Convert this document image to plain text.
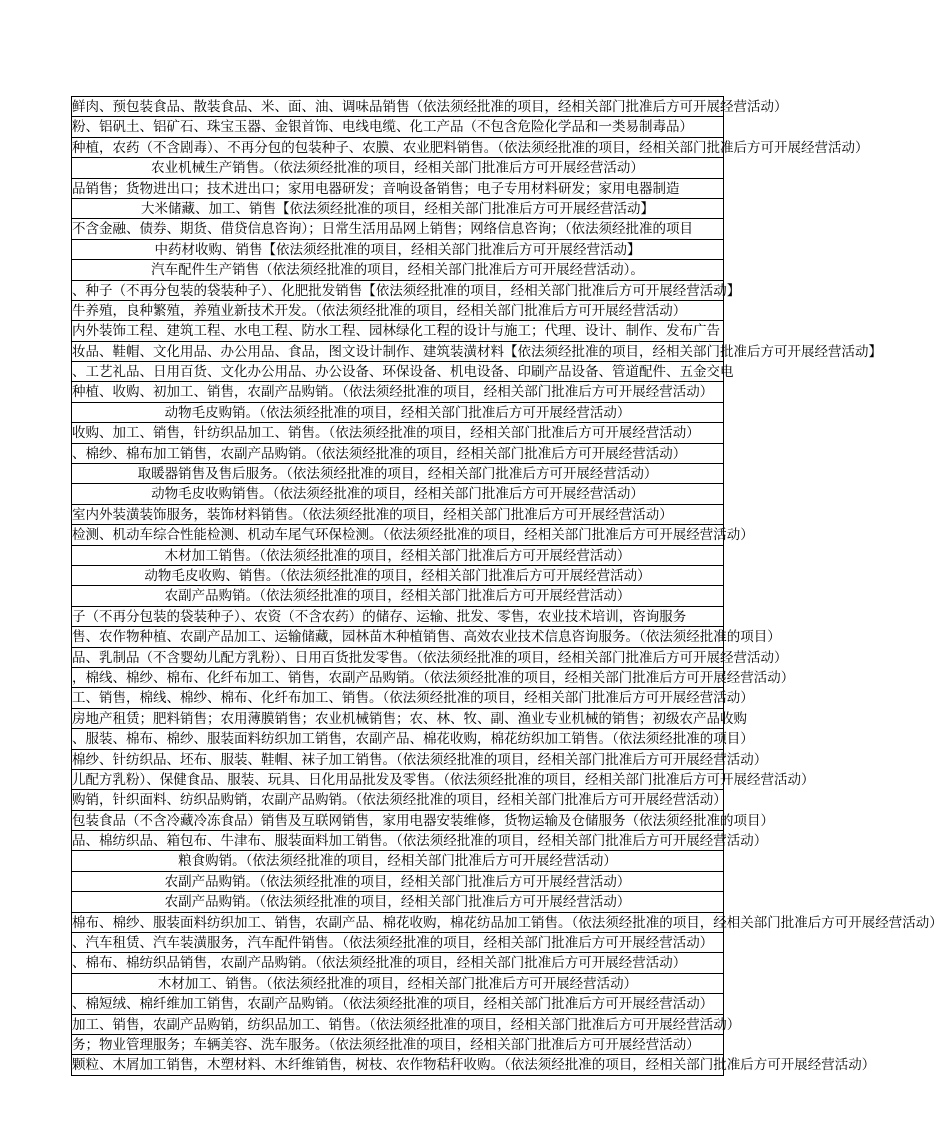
鲜肉、预包装食品、散装食品、米、面、油、调味品销售（依法须经批准的项目，经相关部门批准后方可开展经营活动）
粉、铝矾土、铝矿石、珠宝玉器、金银首饰、电线电缆、化工产品（不包含危险化学品和一类易制毒品）
种植，农药（不含剧毒）、不再分包的包装种子、农膜、农业肥料销售。（依法须经批准的项目，经相关部门批准后方可开展经营活动）
农业机械生产销售。（依法须经批准的项目，经相关部门批准后方可开展经营活动）
品销售；货物进出口；技术进出口；家用电器研发；音响设备销售；电子专用材料研发；家用电器制造
大米储藏、加工、销售【依法须经批准的项目，经相关部门批准后方可开展经营活动】
不含金融、债券、期货、借贷信息咨询）；日常生活用品网上销售；网络信息咨询；（依法须经批准的项目
中药材收购、销售【依法须经批准的项目，经相关部门批准后方可开展经营活动】
汽车配件生产销售（依法须经批准的项目，经相关部门批准后方可开展经营活动）。
、种子（不再分包装的袋装种子）、化肥批发销售【依法须经批准的项目，经相关部门批准后方可开展经营活动】
牛养殖，良种繁殖，养殖业新技术开发。（依法须经批准的项目，经相关部门批准后方可开展经营活动）
内外装饰工程、建筑工程、水电工程、防水工程、园林绿化工程的设计与施工；代理、设计、制作、发布广告
妆品、鞋帽、文化用品、办公用品、食品，图文设计制作、建筑装潢材料【依法须经批准的项目，经相关部门批准后方可开展经营活动】
、工艺礼品、日用百货、文化办公用品、办公设备、环保设备、机电设备、印刷产品设备、管道配件、五金交电
种植、收购、初加工、销售，农副产品购销。（依法须经批准的项目，经相关部门批准后方可开展经营活动）
动物毛皮购销。（依法须经批准的项目，经相关部门批准后方可开展经营活动）
收购、加工、销售，针纺织品加工、销售。（依法须经批准的项目，经相关部门批准后方可开展经营活动）
、棉纱、棉布加工销售，农副产品购销。（依法须经批准的项目，经相关部门批准后方可开展经营活动）
取暖器销售及售后服务。（依法须经批准的项目，经相关部门批准后方可开展经营活动）
动物毛皮收购销售。（依法须经批准的项目，经相关部门批准后方可开展经营活动）
室内外装潢装饰服务，装饰材料销售。（依法须经批准的项目，经相关部门批准后方可开展经营活动）
检测、机动车综合性能检测、机动车尾气环保检测。（依法须经批准的项目，经相关部门批准后方可开展经营活动）
木材加工销售。（依法须经批准的项目，经相关部门批准后方可开展经营活动）
动物毛皮收购、销售。（依法须经批准的项目，经相关部门批准后方可开展经营活动）
农副产品购销。（依法须经批准的项目，经相关部门批准后方可开展经营活动）
子（不再分包装的袋装种子）、农资（不含农药）的储存、运输、批发、零售，农业技术培训，咨询服务
售、农作物种植、农副产品加工、运输储藏，园林苗木种植销售、高效农业技术信息咨询服务。（依法须经批准的项目）
品、乳制品（不含婴幼儿配方乳粉）、日用百货批发零售。（依法须经批准的项目，经相关部门批准后方可开展经营活动）
，棉线、棉纱、棉布、化纤布加工、销售，农副产品购销。（依法须经批准的项目，经相关部门批准后方可开展经营活动）
工、销售，棉线、棉纱、棉布、化纤布加工、销售。（依法须经批准的项目，经相关部门批准后方可开展经营活动）
房地产租赁；肥料销售；农用薄膜销售；农业机械销售；农、林、牧、副、渔业专业机械的销售；初级农产品收购
、服装、棉布、棉纱、服装面料纺织加工销售，农副产品、棉花收购，棉花纺织加工销售。（依法须经批准的项目）
棉纱、针纺织品、坯布、服装、鞋帽、袜子加工销售。（依法须经批准的项目，经相关部门批准后方可开展经营活动）
儿配方乳粉）、保健食品、服装、玩具、日化用品批发及零售。（依法须经批准的项目，经相关部门批准后方可开展经营活动）
购销，针织面料、纺织品购销，农副产品购销。（依法须经批准的项目，经相关部门批准后方可开展经营活动）
包装食品（不含冷藏冷冻食品）销售及互联网销售，家用电器安装维修，货物运输及仓储服务（依法须经批准的项目）
品、棉纺织品、箱包布、牛津布、服装面料加工销售。（依法须经批准的项目，经相关部门批准后方可开展经营活动）
粮食购销。（依法须经批准的项目，经相关部门批准后方可开展经营活动）
农副产品购销。（依法须经批准的项目，经相关部门批准后方可开展经营活动）
农副产品购销。（依法须经批准的项目，经相关部门批准后方可开展经营活动）
棉布、棉纱、服装面料纺织加工、销售，农副产品、棉花收购，棉花纺品加工销售。（依法须经批准的项目，经相关部门批准后方可开展经营活动）
、汽车租赁、汽车装潢服务，汽车配件销售。（依法须经批准的项目，经相关部门批准后方可开展经营活动）
、棉布、棉纺织品销售，农副产品购销。（依法须经批准的项目，经相关部门批准后方可开展经营活动）
木材加工、销售。（依法须经批准的项目，经相关部门批准后方可开展经营活动）
、棉短绒、棉纤维加工销售，农副产品购销。（依法须经批准的项目，经相关部门批准后方可开展经营活动）
加工、销售，农副产品购销，纺织品加工、销售。（依法须经批准的项目，经相关部门批准后方可开展经营活动）
务；物业管理服务；车辆美容、洗车服务。（依法须经批准的项目，经相关部门批准后方可开展经营活动）
颗粒、木屑加工销售，木塑材料、木纤维销售，树枝、农作物秸秆收购。（依法须经批准的项目，经相关部门批准后方可开展经营活动）
